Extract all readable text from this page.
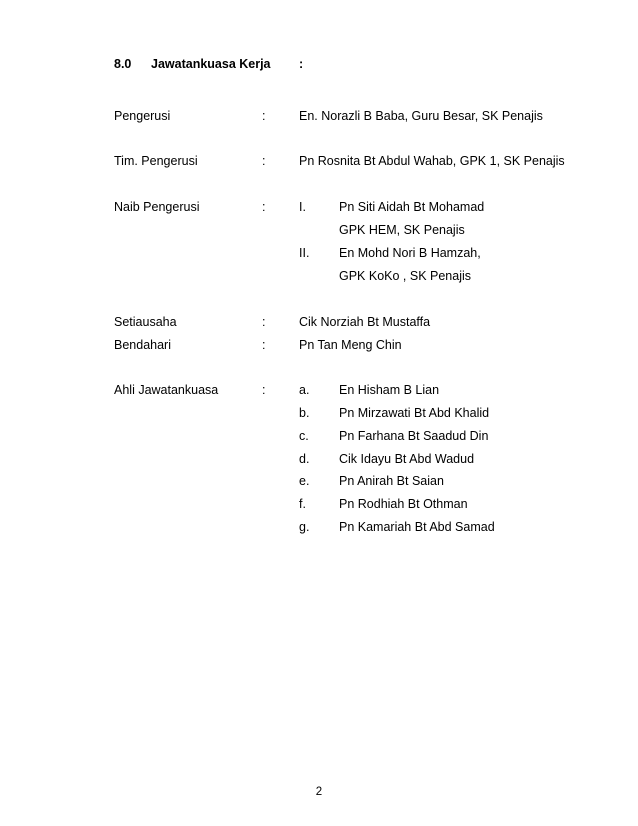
8.0 Jawatankuasa Kerja :
Pengerusi	:	En. Norazli B Baba, Guru Besar, SK Penajis
Tim. Pengerusi	:	Pn Rosnita Bt Abdul Wahab, GPK 1, SK Penajis
Naib Pengerusi	:	I.	Pn Siti Aidah Bt Mohamad
GPK HEM, SK Penajis
II. En Mohd Nori B Hamzah,
GPK KoKo , SK Penajis
Setiausaha	:	Cik Norziah Bt Mustaffa
Bendahari	:	Pn Tan Meng Chin
Ahli Jawatankuasa	:	a. En Hisham B Lian
b. Pn Mirzawati Bt Abd Khalid
c. Pn Farhana Bt Saadud Din
d. Cik Idayu Bt Abd Wadud
e. Pn Anirah Bt Saian
f.	Pn Rodhiah Bt Othman
g. Pn Kamariah Bt Abd Samad
2
